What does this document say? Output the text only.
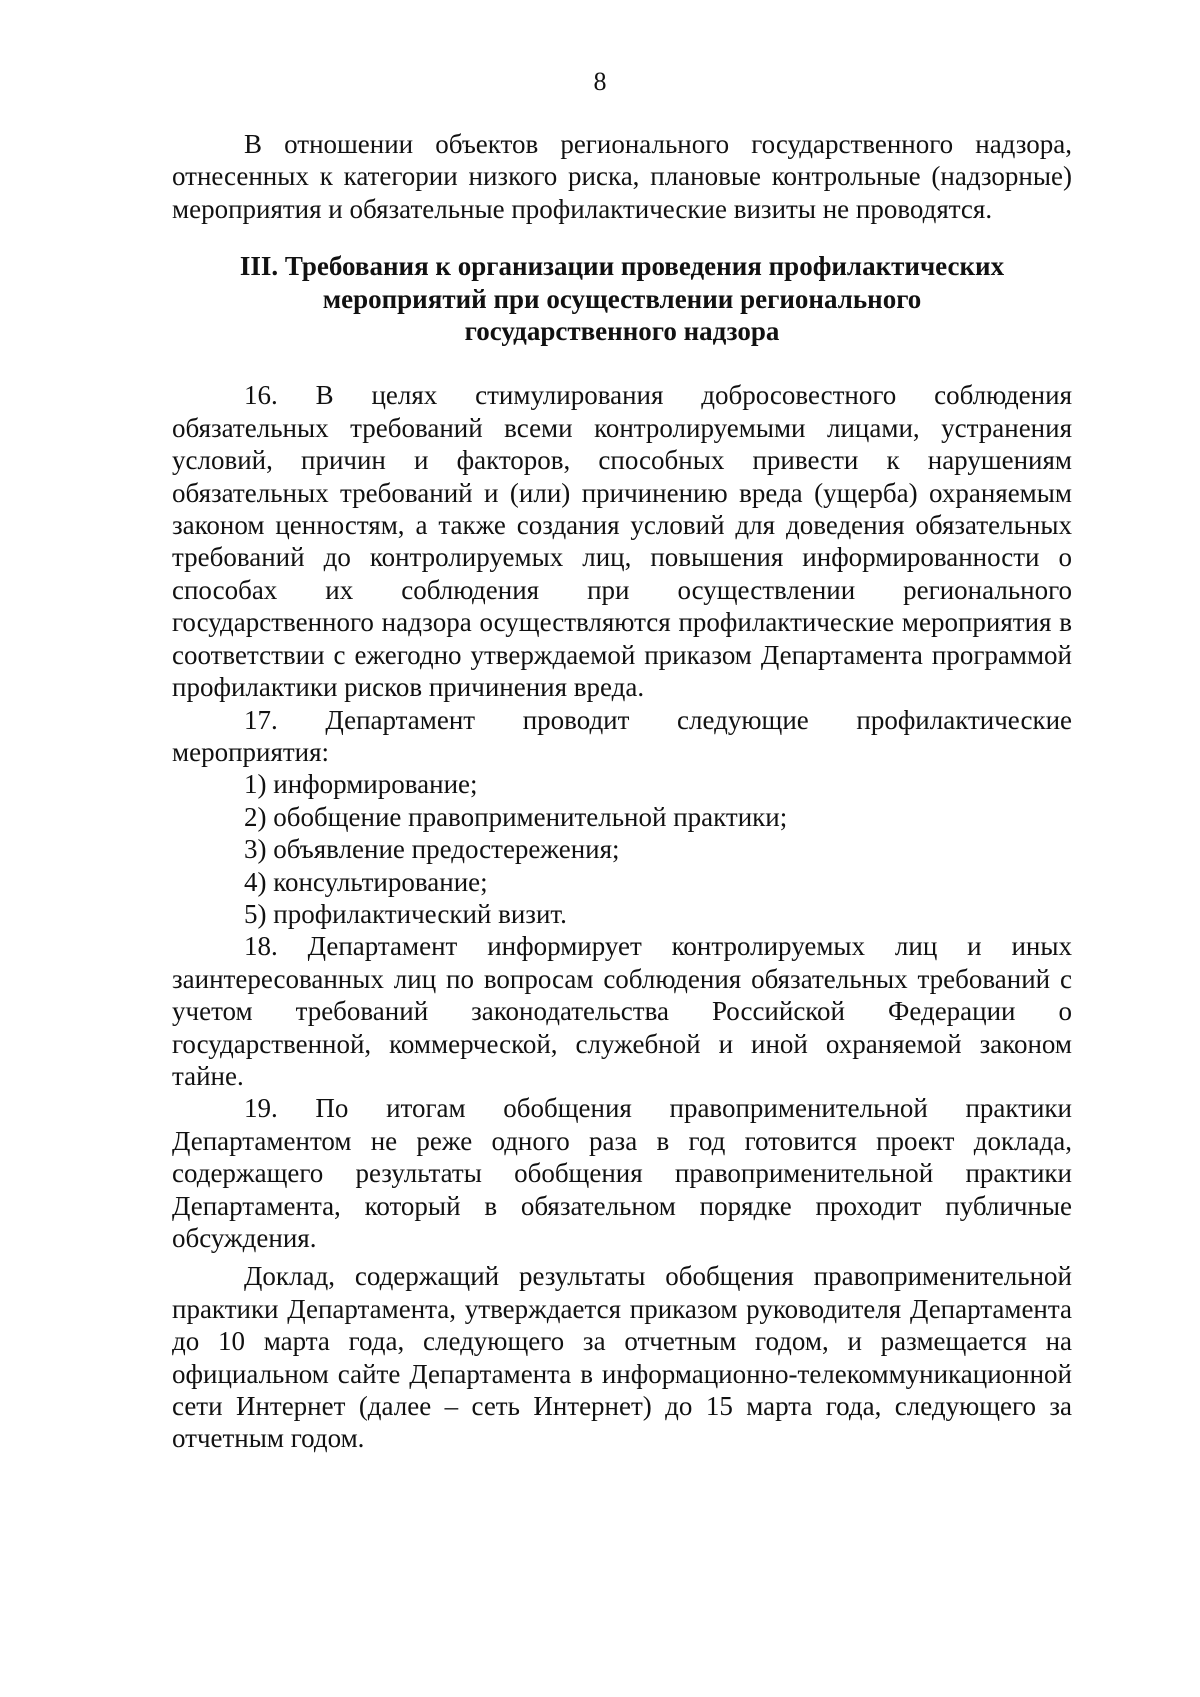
8

В отношении объектов регионального государственного надзора, отнесенных к категории низкого риска, плановые контрольные (надзорные) мероприятия и обязательные профилактические визиты не проводятся.

III. Требования к организации проведения профилактических
мероприятий при осуществлении регионального
государственного надзора

16. В целях стимулирования добросовестного соблюдения обязательных требований всеми контролируемыми лицами, устранения условий, причин и факторов, способных привести к нарушениям обязательных требований и (или) причинению вреда (ущерба) охраняемым законом ценностям, а также создания условий для доведения обязательных требований до контролируемых лиц, повышения информированности о способах их соблюдения при осуществлении регионального государственного надзора осуществляются профилактические мероприятия в соответствии с ежегодно утверждаемой приказом Департамента программой профилактики рисков причинения вреда.

17. Департамент проводит следующие профилактические мероприятия:

1) информирование;

2) обобщение правоприменительной практики;

3) объявление предостережения;

4) консультирование;

5) профилактический визит.

18. Департамент информирует контролируемых лиц и иных заинтересованных лиц по вопросам соблюдения обязательных требований с учетом требований законодательства Российской Федерации о государственной, коммерческой, служебной и иной охраняемой законом тайне.

19. По итогам обобщения правоприменительной практики Департаментом не реже одного раза в год готовится проект доклада, содержащего результаты обобщения правоприменительной практики Департамента, который в обязательном порядке проходит публичные обсуждения.

Доклад, содержащий результаты обобщения правоприменительной практики Департамента, утверждается приказом руководителя Департамента до 10 марта года, следующего за отчетным годом, и размещается на официальном сайте Департамента в информационно-телекоммуникационной сети Интернет (далее – сеть Интернет) до 15 марта года, следующего за отчетным годом.
